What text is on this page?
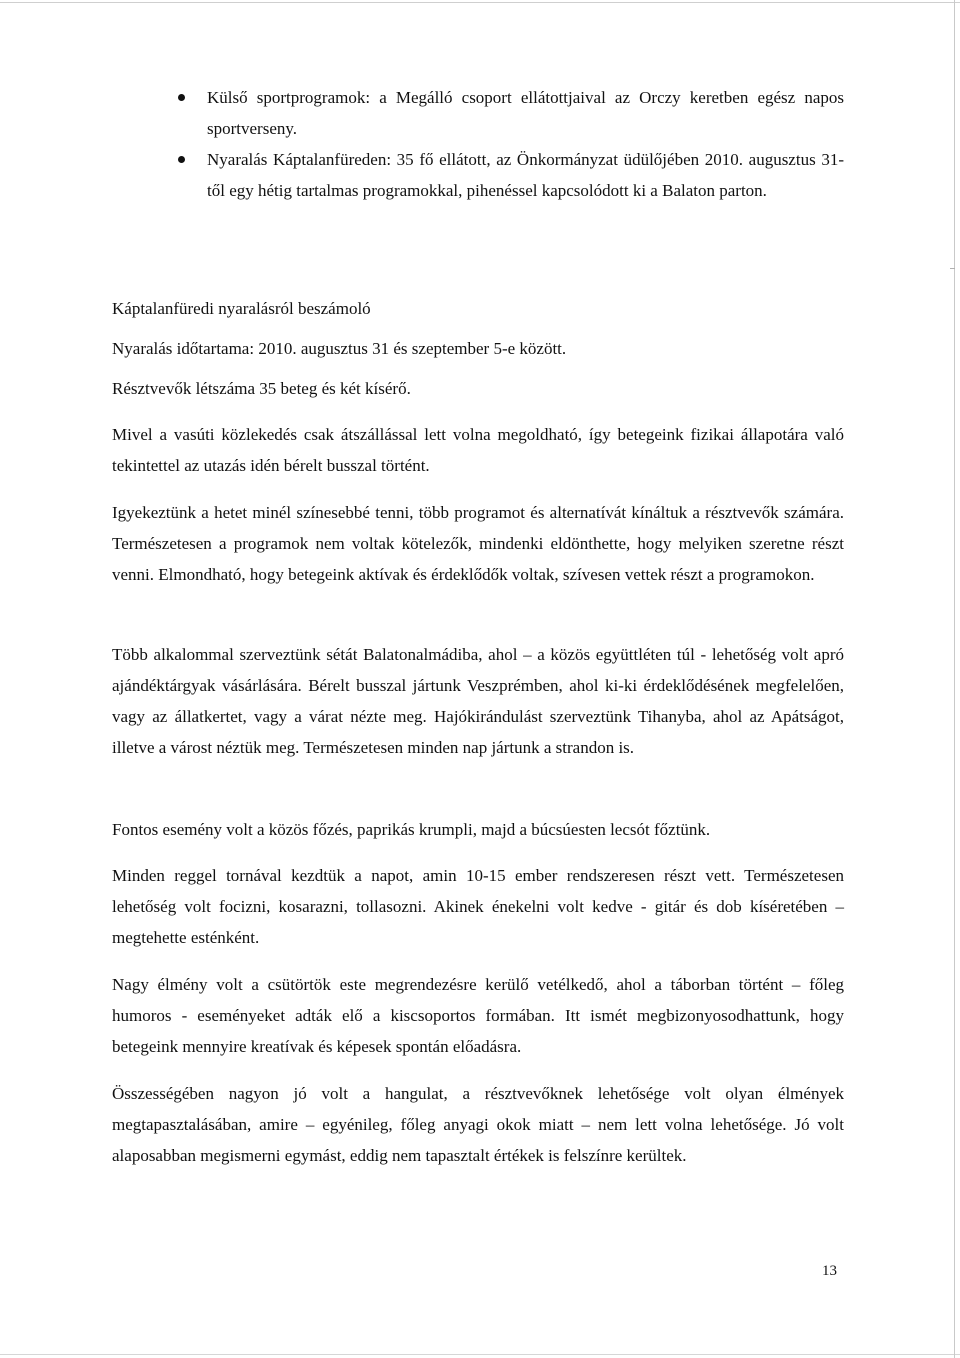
Külső sportprogramok: a Megálló csoport ellátottjaival az Orczy keretben egész napos sportverseny.
Nyaralás Káptalanfüreden: 35 fő ellátott, az Önkormányzat üdülőjében 2010. augusztus 31-től egy hétig tartalmas programokkal, pihenéssel kapcsolódott ki a Balaton parton.

Káptalanfüredi nyaralásról beszámoló

Nyaralás időtartama: 2010. augusztus 31 és szeptember 5-e között.

Résztvevők létszáma 35 beteg és két kísérő.

Mivel a vasúti közlekedés csak átszállással lett volna megoldható, így betegeink fizikai állapotára való tekintettel az utazás idén bérelt busszal történt.

Igyekeztünk a hetet minél színesebbé tenni, több programot és alternatívát kínáltuk a résztvevők számára. Természetesen a programok nem voltak kötelezők, mindenki eldönthette, hogy melyiken szeretne részt venni. Elmondható, hogy betegeink aktívak és érdeklődők voltak, szívesen vettek részt a programokon.

Több alkalommal szerveztünk sétát Balatonalmádiba, ahol – a közös együttléten túl - lehetőség volt apró ajándéktárgyak vásárlására. Bérelt busszal jártunk Veszprémben, ahol ki-ki érdeklődésének megfelelően, vagy az állatkertet, vagy a várat nézte meg. Hajókirándulást szerveztünk Tihanyba, ahol az Apátságot, illetve a várost néztük meg. Természetesen minden nap jártunk a strandon is.

Fontos esemény volt a közös főzés, paprikás krumpli, majd a búcsúesten lecsót főztünk.

Minden reggel tornával kezdtük a napot, amin 10-15 ember rendszeresen részt vett. Természetesen lehetőség volt focizni, kosarazni, tollasozni. Akinek énekelni volt kedve - gitár és dob kíséretében – megtehette esténként.

Nagy élmény volt a csütörtök este megrendezésre kerülő vetélkedő, ahol a táborban történt – főleg humoros - eseményeket adták elő a kiscsoportos formában. Itt ismét megbizonyosodhattunk, hogy betegeink mennyire kreatívak és képesek spontán előadásra.

Összességében nagyon jó volt a hangulat, a résztvevőknek lehetősége volt olyan élmények megtapasztalásában, amire – egyénileg, főleg anyagi okok miatt – nem lett volna lehetősége. Jó volt alaposabban megismerni egymást, eddig nem tapasztalt értékek is felszínre kerültek.

13
